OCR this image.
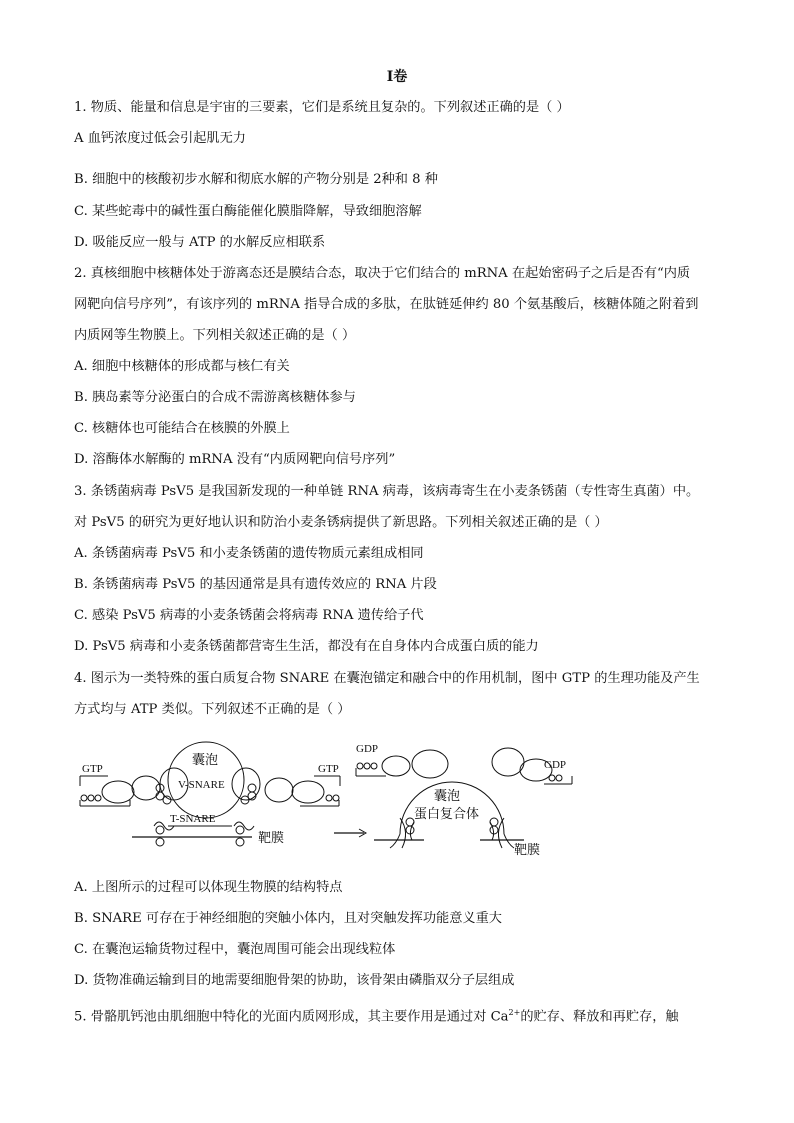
I卷
1. 物质、能量和信息是宇宙的三要素，它们是系统且复杂的。下列叙述正确的是（ ）
A 血钙浓度过低会引起肌无力
B. 细胞中的核酸初步水解和彻底水解的产物分别是 2种和 8 种
C. 某些蛇毒中的碱性蛋白酶能催化膜脂降解，导致细胞溶解
D. 吸能反应一般与 ATP 的水解反应相联系
2. 真核细胞中核糖体处于游离态还是膜结合态，取决于它们结合的 mRNA 在起始密码子之后是否有“内质
网靶向信号序列”，有该序列的 mRNA 指导合成的多肽，在肽链延伸约 80 个氨基酸后，核糖体随之附着到
内质网等生物膜上。下列相关叙述正确的是（ ）
A. 细胞中核糖体的形成都与核仁有关
B. 胰岛素等分泌蛋白的合成不需游离核糖体参与
C. 核糖体也可能结合在核膜的外膜上
D. 溶酶体水解酶的 mRNA 没有“内质网靶向信号序列”
3. 条锈菌病毒 PsV5 是我国新发现的一种单链 RNA 病毒，该病毒寄生在小麦条锈菌（专性寄生真菌）中。
对 PsV5 的研究为更好地认识和防治小麦条锈病提供了新思路。下列相关叙述正确的是（ ）
A. 条锈菌病毒 PsV5 和小麦条锈菌的遗传物质元素组成相同
B. 条锈菌病毒 PsV5 的基因通常是具有遗传效应的 RNA 片段
C. 感染 PsV5 病毒的小麦条锈菌会将病毒 RNA 遗传给子代
D. PsV5 病毒和小麦条锈菌都营寄生生活，都没有在自身体内合成蛋白质的能力
4. 图示为一类特殊的蛋白质复合物 SNARE 在囊泡锚定和融合中的作用机制，图中 GTP 的生理功能及产生
方式均与 ATP 类似。下列叙述不正确的是（ ）
囊泡
V-SNARE
GTP	GTP
T-SNARE
靶膜
GDP
GDP
囊泡
蛋白复合体
靶膜
A. 上图所示的过程可以体现生物膜的结构特点
B. SNARE 可存在于神经细胞的突触小体内，且对突触发挥功能意义重大
C. 在囊泡运输货物过程中，囊泡周围可能会出现线粒体
D. 货物准确运输到目的地需要细胞骨架的协助，该骨架由磷脂双分子层组成
5. 骨骼肌钙池由肌细胞中特化的光面内质网形成，其主要作用是通过对 $Ca^{2+}$的贮存、释放和再贮存，触
